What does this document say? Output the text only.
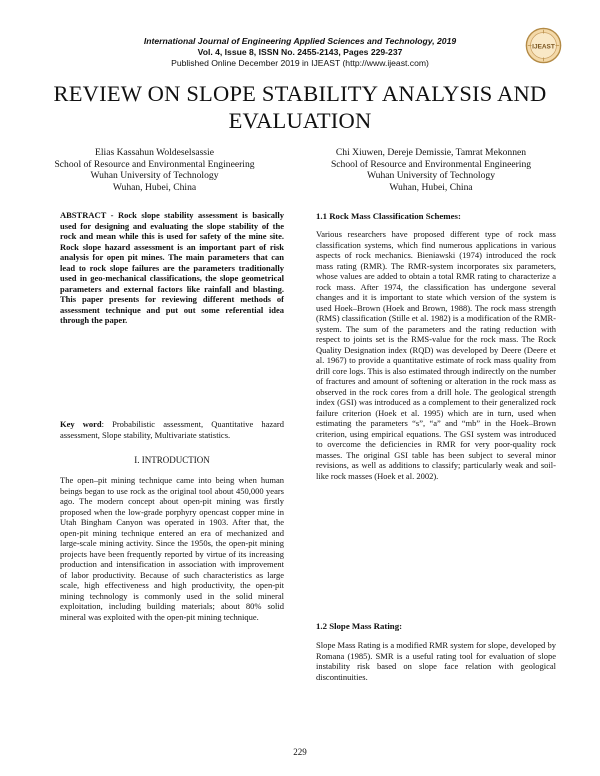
International Journal of Engineering Applied Sciences and Technology, 2019
Vol. 4, Issue 8, ISSN No. 2455-2143, Pages 229-237
Published Online December 2019 in IJEAST (http://www.ijeast.com)
IJEAST
REVIEW ON SLOPE STABILITY ANALYSIS AND EVALUATION
Elias Kassahun Woldeselsassie
School of Resource and Environmental Engineering
Wuhan University of Technology
Wuhan, Hubei, China
Chi Xiuwen, Dereje Demissie, Tamrat Mekonnen
School of Resource and Environmental Engineering
Wuhan University of Technology
Wuhan, Hubei, China

ABSTRACT - Rock slope stability assessment is basically used for designing and evaluating the slope stability of the rock and mean while this is used for safety of the mine site. Rock slope hazard assessment is an important part of risk analysis for open pit mines. The main parameters that can lead to rock slope failures are the parameters traditionally used in geo-mechanical classifications, the slope geometrical parameters and external factors like rainfall and blasting. This paper presents for reviewing different methods of assessment technique and put out some referential idea through the paper.

Key word: Probabilistic assessment, Quantitative hazard assessment, Slope stability, Multivariate statistics.

I. INTRODUCTION

The open–pit mining technique came into being when human beings began to use rock as the original tool about 450,000 years ago. The modern concept about open-pit mining was firstly proposed when the low-grade porphyry opencast copper mine in Utah Bingham Canyon was operated in 1903. After that, the open-pit mining technique entered an era of mechanized and large-scale mining activity. Since the 1950s, the open-pit mining projects have been frequently reported by virtue of its increasing production and intensification in association with improvement of labor productivity. Because of such characteristics as large scale, high effectiveness and high productivity, the open-pit mining technology is commonly used in the solid mineral exploitation, including building materials; about 80% solid mineral was exploited with the open-pit mining technique.

1.1 Rock Mass Classification Schemes:

Various researchers have proposed different type of rock mass classification systems, which find numerous applications in various aspects of rock mechanics. Bieniawski (1974) introduced the rock mass rating (RMR). The RMR-system incorporates six parameters, whose values are added to obtain a total RMR rating to characterize a rock mass. After 1974, the classification has undergone several changes and it is important to state which version of the system is used Hoek–Brown (Hoek and Brown, 1988). The rock mass strength (RMS) classification (Stille et al. 1982) is a modification of the RMR-system. The sum of the parameters and the rating reduction with respect to joints set is the RMS-value for the rock mass. The Rock Quality Designation index (RQD) was developed by Deere (Deere et al. 1967) to provide a quantitative estimate of rock mass quality from drill core logs. This is also estimated through indirectly on the number of fractures and amount of softening or alteration in the rock mass as observed in the rock cores from a drill hole. The geological strength index (GSI) was introduced as a complement to their generalized rock failure criterion (Hoek et al. 1995) which are in turn, used when estimating the parameters “s”, “a” and “mb” in the Hoek–Brown criterion, using empirical equations. The GSI system was introduced to overcome the deficiencies in RMR for very poor-quality rock masses. The original GSI table has been subject to several minor revisions, as well as additions to classify; particularly weak and soil-like rock masses (Hoek et al. 2002).

1.2 Slope Mass Rating:

Slope Mass Rating is a modified RMR system for slope, developed by Romana (1985). SMR is a useful rating tool for evaluation of slope instability risk based on slope face relation with geological discontinuities.

229
